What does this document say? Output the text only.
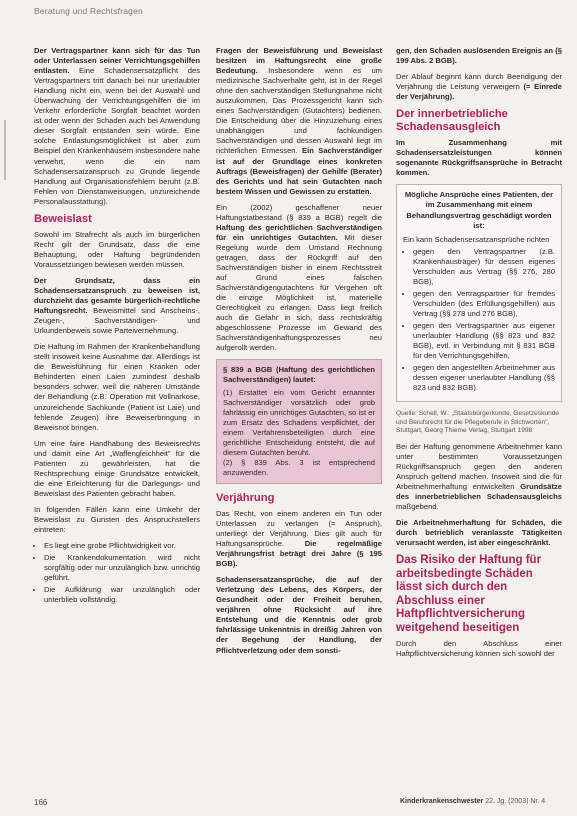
Beratung und Rechtsfragen

Der Vertragspartner kann sich für das Tun oder Unterlassen seiner Verrichtungsgehilfen entlasten. Eine Schadensersatzpflicht des Vertragspartners tritt danach bei nur unerlaubter Handlung nicht ein, wenn bei der Auswahl und Überwachung der Verrichtungsgehilfen die im Verkehr erforderliche Sorgfalt beachtet worden ist oder wenn der Schaden auch bei Anwendung dieser Sorgfalt entstanden sein würde. Eine solche Entlastungsmöglichkeit ist aber zum Beispiel den Krankenhäusern insbesondere nahe verwehrt, wenn die ein nam Schadensersatzanspruch zu Grunde liegende Handlung auf Organisationsfehlern beruht (z.B. Fehlen von Dienstanweisungen, unzureichende Personalausstattung).

Beweislast

Sowohl im Strafrecht als auch im bürgerlichen Recht gilt der Grundsatz, dass die eine Behauptung, oder Haftung begründenden Voraussetzungen bewiesen werden müssen.

Der Grundsatz, dass ein Schadensersatzanspruch zu beweisen ist, durchzieht das gesamte bürgerlich-rechtliche Haftungsrecht. Beweismittel sind Anscheins-, Zeugen-, Sachverständigen- und Urkundenbeweis sowie Parteivernehmung.

Die Haftung im Rahmen der Krankenbehandlung stellt insoweit keine Ausnahme dar. Allerdings ist die Beweisführung für einen Kranken oder Behinderten einen Laien zumindest deshalb besonders schwer, weil die näheren Umstände der Behandlung (z.B. Operation mit Vollnarkose, unzureichende Sachkunde (Patient ist Laie) und fehlende Zeugen) ihre Beweiserbringung in Beweisnot bringen.

Um eine faire Handhabung des Beweisrechts und damit eine Art „Waffengleichheit" für die Patienten zu gewährleisten, hat die Rechtsprechung einige Grundsätze entwickelt, die eine Erleichterung für die Darlegungs- und Beweislast des Patienten gebracht haben.

In folgenden Fällen kann eine Umkehr der Beweislast zu Gunsten des Anspruchstellers eintreten:

• Es liegt eine grobe Pflichtwidrigkeit vor.
• Die Krankendokumentation wird nicht sorgfältig oder nur unzulänglich bzw. unrichtig geführt.
• Die Aufklärung war unzulänglich oder unterblieb vollständig.

Fragen der Beweisführung und Beweislast besitzen im Haftungsrecht eine große Bedeutung. Insbesondere wenn es um medizinische Sachverhalte geht, ist in der Regel ohne den sachverständigen Stellungnahme nicht auszukommen. Das Prozessgericht kann sich eines Sachverständigen (Gutachters) bedienen. Die Entscheidung über die Hinzuziehung eines unabhängigen und fachkundigen Sachverständigen und dessen Auswahl liegt im richterlichen Ermessen. Ein Sachverständiger ist auf der Grundlage eines konkreten Auftrags (Beweisfragen) der Gehilfe (Berater) des Gerichts und hat sein Gutachten nach bestem Wissen und Gewissen zu erstatten.

Ein (2002) geschaffener neuer Haftungstatbestand (§ 839 a BGB) regelt die Haftung des gerichtlichen Sachverständigen für ein unrichtiges Gutachten. Mit dieser Regelung wurde dem Umstand Rechnung getragen, dass der Rückgriff auf den Sachverständigen bisher in einem Rechtsstreit auf Grund eines falschen Sachverständigengutachtens für Vergehen oft die einzige Möglichkeit ist, materielle Gerechtigkeit zu erlangen. Dass liegt freilich auch die Gefahr in sich, dass rechtskräftig abgeschlossene Prozesse im Gewand des Sachverständigenhaftungsprozesses neu aufgerollt werden.

§ 839 a BGB (Haftung des gerichtlichen Sachverständigen) lautet:
(1) Erstattet ein vom Gericht ernannter Sachverständiger vorsätzlich oder grob fahrlässig ein unrichtiges Gutachten, so ist er zum Ersatz des Schadens verpflichtet, der einem Verfahrensbeteiligten durch eine gerichtliche Entscheidung entsteht, die auf diesem Gutachten beruht.
(2) § 839 Abs. 3 ist entsprechend anzuwenden.
Verjährung

Das Recht, von einem anderen ein Tun oder Unterlassen zu verlangen (= Anspruch), unterliegt der Verjährung. Dies gilt auch für Haftungsansprüche. Die regelmäßige Verjährungsfrist beträgt drei Jahre (§ 195 BGB).

Schadensersatzansprüche, die auf der Verletzung des Lebens, des Körpers, der Gesundheit oder der Freiheit beruhen, verjähren ohne Rücksicht auf ihre Entstehung und die Kenntnis oder grob fahrlässige Unkenntnis in dreißig Jahren von der Begehung der Handlung, der Pflichtverletzung oder dem sonsti-

gen, den Schaden auslösenden Ereignis an (§ 199 Abs. 2 BGB).

Der Ablauf beginnt kann durch Beendigung der Verjährung die Leistung verweigern (= Einrede der Verjährung).

Der innerbetriebliche Schadensausgleich

Im Zusammenhang mit Schadensersatzleistungen können sogenannte Rückgriffsansprüche in Betracht kommen.

Mögliche Ansprüche eines Patienten, der im Zusammenhang mit einem Behandlungsvertrag geschädigt worden ist:
Ein kann Schadensersatzansprüche richten
• gegen den Vertragspartner (z.B. Krankenhausträger) für dessen eigenes Verschulden aus Vertrag (§§ 276, 280 BGB),
• gegen den Vertragspartner für fremdes Verschulden (des Erfüllungsgehilfen) aus Vertrag (§§ 278 und 276 BGB),
• gegen den Vertragspartner aus eigener unerlaubter Handlung (§§ 823 und 832 BGB), evtl. in Verbindung mit § 831 BGB für den Verrichtungsgehilfen,
• gegen den angestellten Arbeitnehmer aus dessen eigener unerlaubter Handlung (§§ 823 und 832 BGB).

Quelle: Schell, W.: „Staatsbürgerkunde, Gesetzeskunde und Berufsrecht für die Pflegeberufe in Stichworten", Stuttgart, Georg Thieme Verlag, Stuttgart 1998

Bei der Haftung genommene Arbeitnehmer kann unter bestimmten Voraussetzungen Rückgriffsanspruch gegen den anderen Anspruch geltend machen. Insoweit sind die für Arbeitnehmerhaftung entwickelten Grundsätze des innerbetrieblichen Schadensausgleichs maßgebend.

Die Arbeitnehmerhaftung für Schäden, die durch betrieblich veranlasste Tätigkeiten verursacht werden, ist aber eingeschränkt.

Das Risiko der Haftung für arbeitsbedingte Schäden lässt sich durch den Abschluss einer Haftpflichtversicherung weitgehend beseitigen

Durch den Abschluss einer Haftpflichtversicherung können sich sowohl der

166	Kinderkrankenschwester 22. Jg. (2003) Nr. 4
